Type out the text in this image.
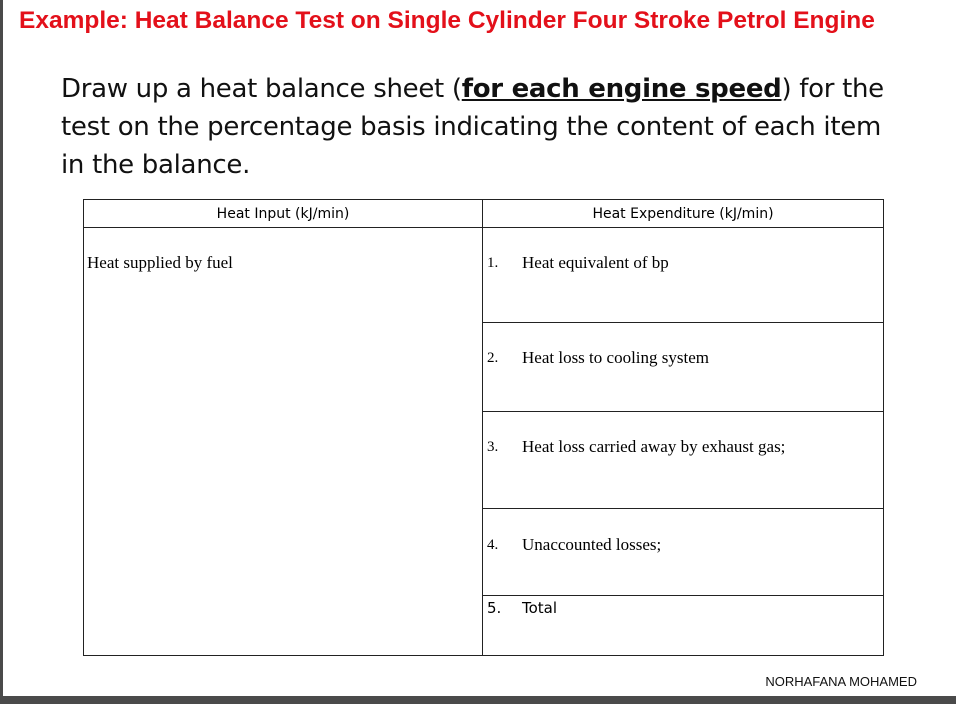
Example: Heat Balance Test on Single Cylinder Four Stroke Petrol Engine
Draw up a heat balance sheet (for each engine speed) for the test on the percentage basis indicating the content of each item in the balance.
Heat Input (kJ/min)	Heat Expenditure (kJ/min)
Heat supplied by fuel	1. Heat equivalent of bp

	2. Heat loss to cooling system

	3. Heat loss carried away by exhaust gas;

	4. Unaccounted losses;

	5. Total
NORHAFANA MOHAMED
